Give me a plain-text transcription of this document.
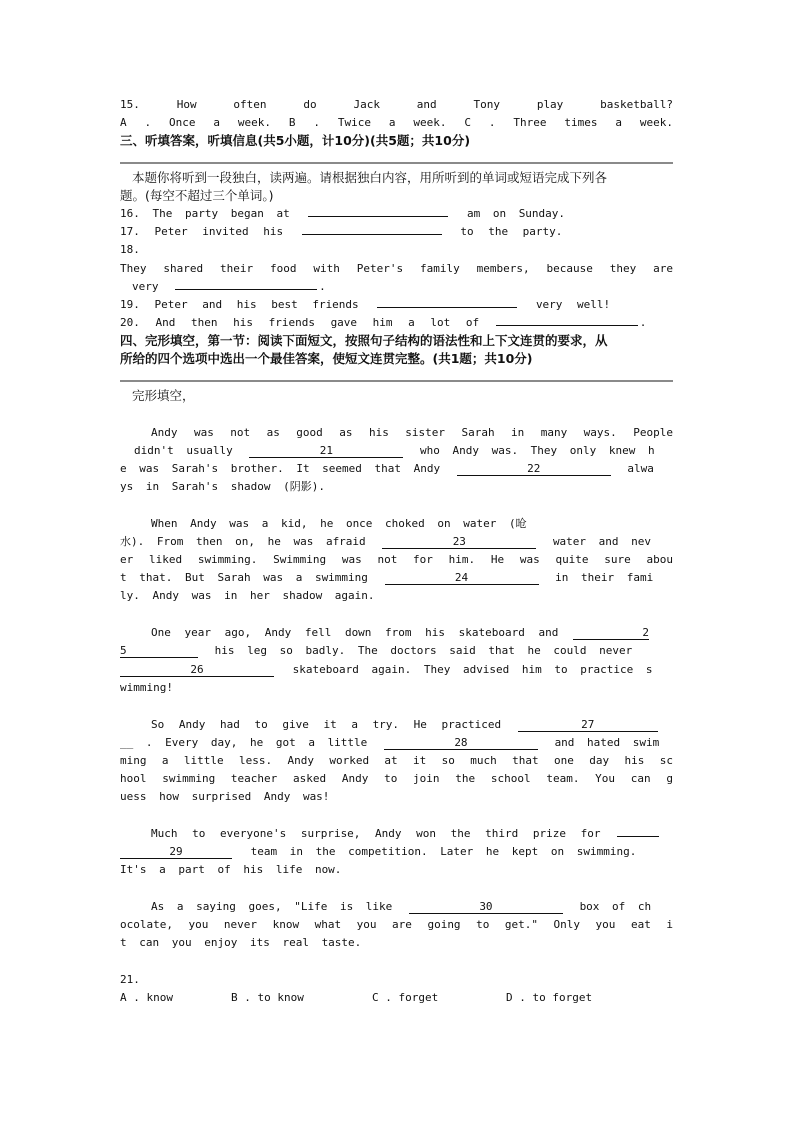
15. How often do Jack and Tony play basketball?
A . Once a week. B . Twice a week. C . Three times a week.
三、听填答案，听填信息(共5小题，计10分)(共5题；共10分)
本题你将听到一段独白，读两遍。请根据独白内容，用所听到的单词或短语完成下列各
题。(每空不超过三个单词。)
16. The party began at	am on Sunday.
17. Peter invited his	to the party.
18.
They shared their food with Peter's family members, because they are
very	.
19. Peter and his best friends	very well!
20. And then his friends gave him a lot of	.
四、完形填空，第一节：阅读下面短文，按照句子结构的语法性和上下文连贯的要求，从
所给的四个选项中选出一个最佳答案，使短文连贯完整。(共1题；共10分)
完形填空，
Andy was not as good as his sister Sarah in many ways. People
didn't usually	21	who Andy was. They only knew h
e was Sarah's brother. It seemed that Andy	22	alwa
ys in Sarah's shadow (阴影).
When Andy was a kid, he once choked on water (呛
水). From then on, he was afraid	23	water and nev
er liked swimming. Swimming was not for him. He was quite sure abou
t that. But Sarah was a swimming	24	in their fami
ly. Andy was in her shadow again.
One year ago, Andy fell down from his skateboard and	2
5	his leg so badly. The doctors said that he could never
26	skateboard again. They advised him to practice s
wimming!
So Andy had to give it a try. He practiced	27
__ . Every day, he got a little	28	and hated swim
ming a little less. Andy worked at it so much that one day his sc
hool swimming teacher asked Andy to join the school team. You can g
uess how surprised Andy was!
Much to everyone's surprise, Andy won the third prize for
29	team in the competition. Later he kept on swimming.
It's a part of his life now.
As a saying goes, "Life is like	30	box of ch
ocolate, you never know what you are going to get." Only you eat i
t can you enjoy its real taste.
21.
A . know	B . to know	C . forget	D . to forget
